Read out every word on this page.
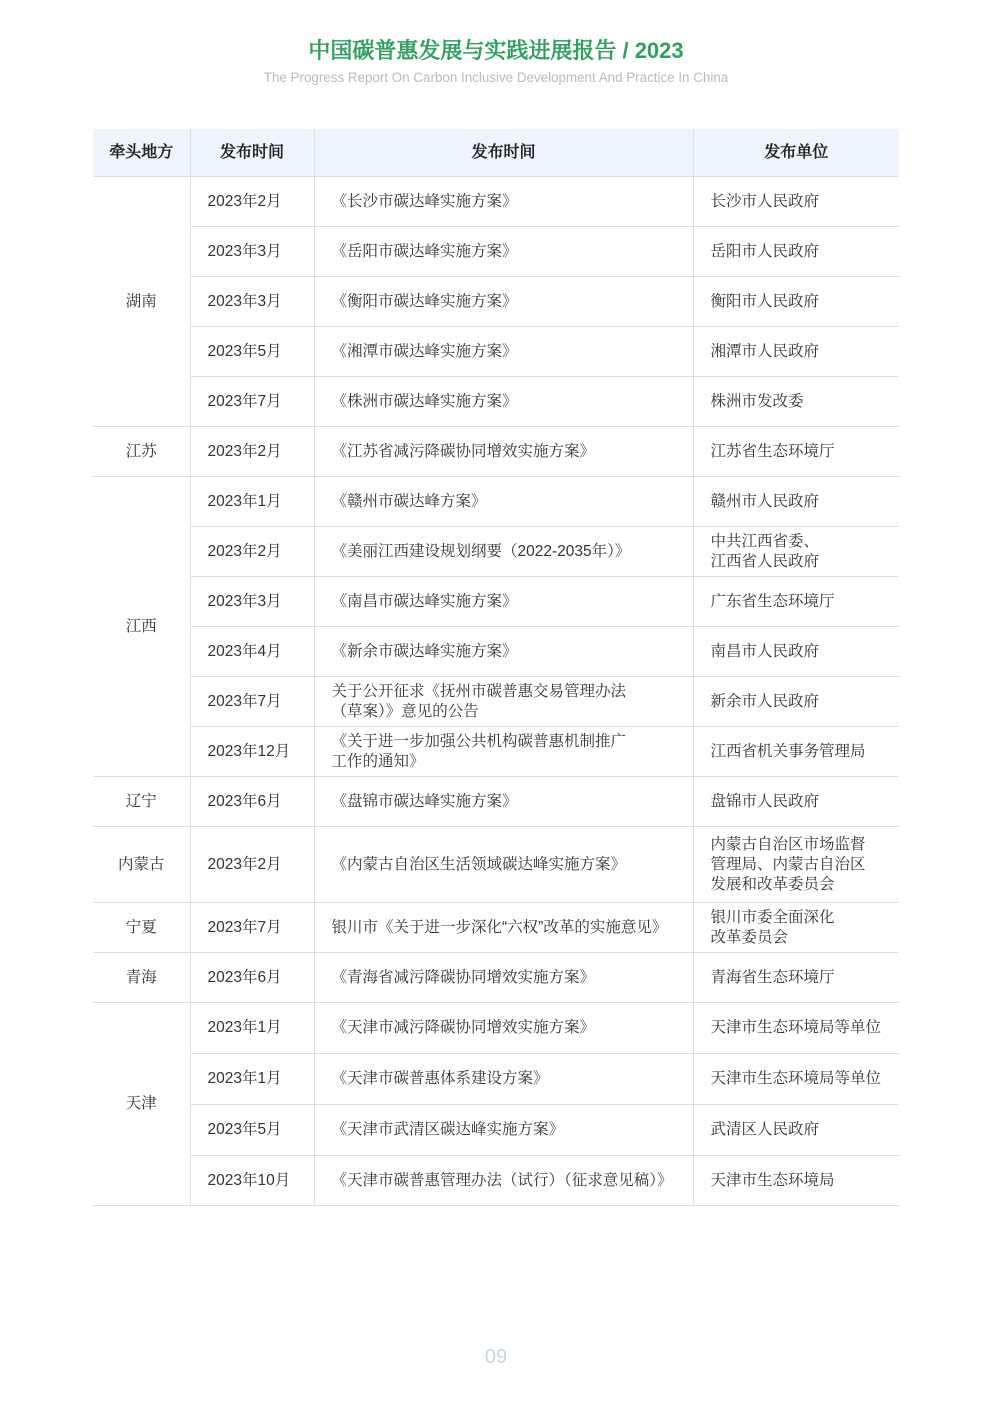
中国碳普惠发展与实践进展报告 / 2023
The Progress Report On Carbon Inclusive Development And Practice In China
牵头地方	发布时间	发布时间	发布单位
湖南	2023年2月	《长沙市碳达峰实施方案》	长沙市人民政府
	2023年3月	《岳阳市碳达峰实施方案》	岳阳市人民政府
	2023年3月	《衡阳市碳达峰实施方案》	衡阳市人民政府
	2023年5月	《湘潭市碳达峰实施方案》	湘潭市人民政府
	2023年7月	《株洲市碳达峰实施方案》	株洲市发改委
江苏	2023年2月	《江苏省减污降碳协同增效实施方案》	江苏省生态环境厅
江西	2023年1月	《赣州市碳达峰方案》	赣州市人民政府
	2023年2月	《美丽江西建设规划纲要（2022-2035年）》	中共江西省委、
江西省人民政府
	2023年3月	《南昌市碳达峰实施方案》	广东省生态环境厅
	2023年4月	《新余市碳达峰实施方案》	南昌市人民政府
	2023年7月	关于公开征求《抚州市碳普惠交易管理办法
（草案）》意见的公告	新余市人民政府
	2023年12月	《关于进一步加强公共机构碳普惠机制推广
工作的通知》	江西省机关事务管理局
辽宁	2023年6月	《盘锦市碳达峰实施方案》	盘锦市人民政府
内蒙古	2023年2月	《内蒙古自治区生活领域碳达峰实施方案》	内蒙古自治区市场监督
管理局、内蒙古自治区
发展和改革委员会
宁夏	2023年7月	银川市《关于进一步深化“六权”改革的实施意见》	银川市委全面深化
改革委员会
青海	2023年6月	《青海省减污降碳协同增效实施方案》	青海省生态环境厅
天津	2023年1月	《天津市减污降碳协同增效实施方案》	天津市生态环境局等单位
	2023年1月	《天津市碳普惠体系建设方案》	天津市生态环境局等单位
	2023年5月	《天津市武清区碳达峰实施方案》	武清区人民政府
	2023年10月	《天津市碳普惠管理办法（试行）（征求意见稿）》	天津市生态环境局
09
